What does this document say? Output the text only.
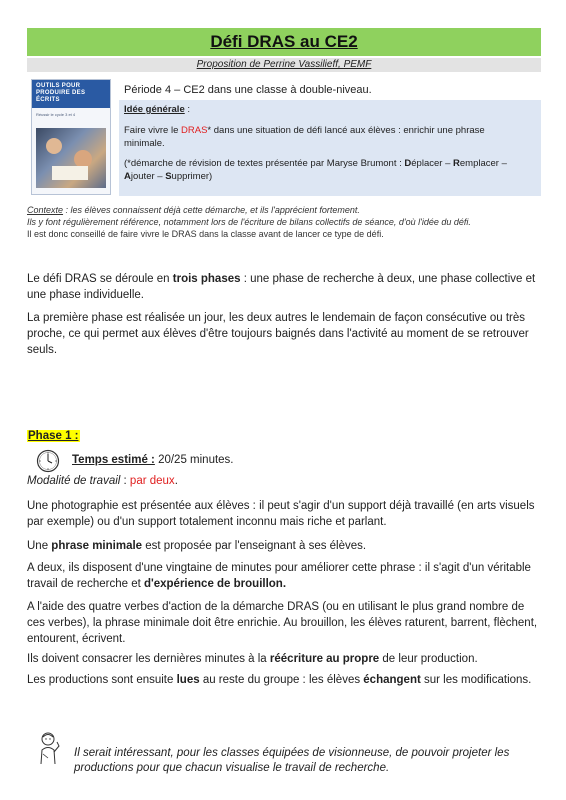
Défi DRAS au CE2
Proposition de Perrine Vassilieff, PEMF
OUTILS POUR PRODUIRE DES ÉCRITS
Réussir le cycle 3 et 4
Période 4 – CE2 dans une classe à double-niveau.
Idée générale :
Faire vivre le DRAS* dans une situation de défi lancé aux élèves : enrichir une phrase
minimale.
(*démarche de révision de textes présentée par Maryse Brumont : Déplacer – Remplacer –
Ajouter – Supprimer)
Contexte : les élèves connaissent déjà cette démarche, et ils l'apprécient fortement.
Ils y font régulièrement référence, notamment lors de l'écriture de bilans collectifs de séance, d'où l'idée du défi.
Il est donc conseillé de faire vivre le DRAS dans la classe avant de lancer ce type de défi.

Le défi DRAS se déroule en trois phases : une phase de recherche à deux, une phase collective et une phase individuelle.

La première phase est réalisée un jour, les deux autres le lendemain de façon consécutive ou très proche, ce qui permet aux élèves d'être toujours baignés dans l'activité au moment de se retrouver seuls.

Phase 1 :
Temps estimé : 20/25 minutes.
Modalité de travail : par deux.

Une photographie est présentée aux élèves : il peut s'agir d'un support déjà travaillé (en arts visuels par exemple) ou d'un support totalement inconnu mais riche et parlant.

Une phrase minimale est proposée par l'enseignant à ses élèves.

A deux, ils disposent d'une vingtaine de minutes pour améliorer cette phrase : il s'agit d'un véritable travail de recherche et d'expérience de brouillon.

A l'aide des quatre verbes d'action de la démarche DRAS (ou en utilisant le plus grand nombre de ces verbes), la phrase minimale doit être enrichie. Au brouillon, les élèves raturent, barrent, flèchent, entourent, écrivent.

Ils doivent consacrer les dernières minutes à la réécriture au propre de leur production.

Les productions sont ensuite lues au reste du groupe : les élèves échangent sur les modifications.

Il serait intéressant, pour les classes équipées de visionneuse, de pouvoir projeter les productions pour que chacun visualise le travail de recherche.
